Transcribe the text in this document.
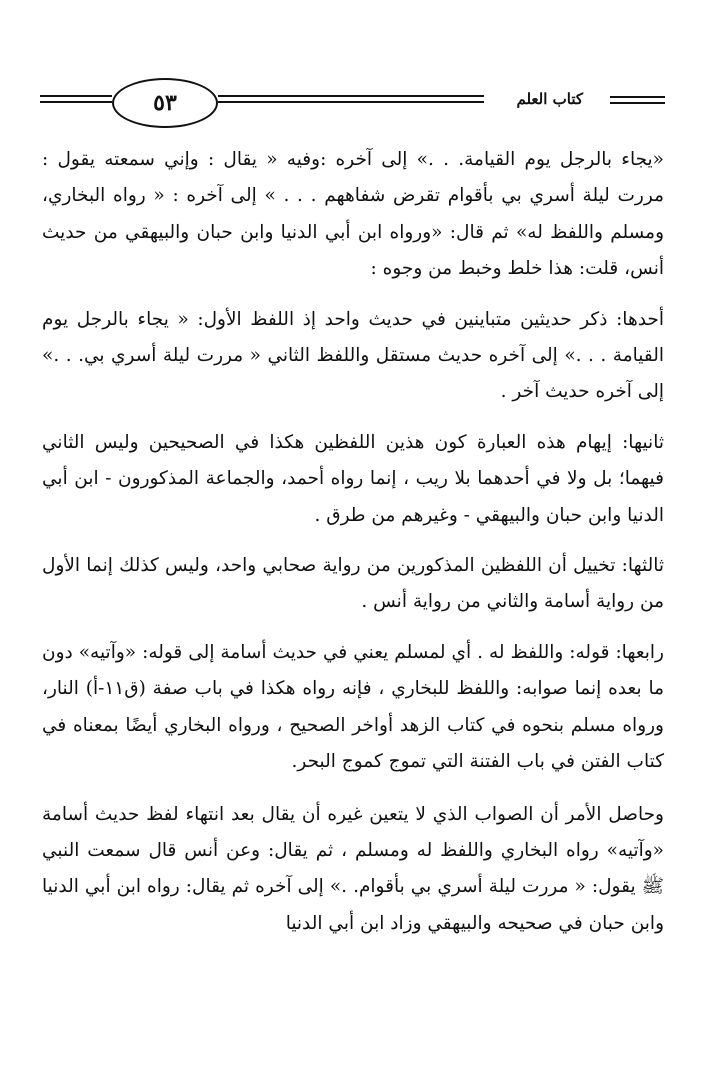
كتاب العلم
٥٣

«يجاء بالرجل يوم القيامة. . .» إلى آخره :وفيه « يقال : وإني سمعته يقول : مررت ليلة أسري بي بأقوام تقرض شفاههم . . . » إلى آخره : « رواه البخاري، ومسلم واللفظ له» ثم قال: «ورواه ابن أبي الدنيا وابن حبان والبيهقي من حديث أنس، قلت: هذا خلط وخبط من وجوه :

أحدها: ذكر حديثين متباينين في حديث واحد إذ اللفظ الأول: « يجاء بالرجل يوم القيامة . . .» إلى آخره حديث مستقل واللفظ الثاني « مررت ليلة أسري بي. . .» إلى آخره حديث آخر .

ثانيها: إيهام هذه العبارة كون هذين اللفظين هكذا في الصحيحين وليس الثاني فيهما؛ بل ولا في أحدهما بلا ريب ، إنما رواه أحمد، والجماعة المذكورون - ابن أبي الدنيا وابن حبان والبيهقي - وغيرهم من طرق .

ثالثها: تخييل أن اللفظين المذكورين من رواية صحابي واحد، وليس كذلك إنما الأول من رواية أسامة والثاني من رواية أنس .

رابعها: قوله: واللفظ له . أي لمسلم يعني في حديث أسامة إلى قوله: «وآتيه» دون ما بعده إنما صوابه: واللفظ للبخاري ، فإنه رواه هكذا في باب صفة (ق١١-أ) النار، ورواه مسلم بنحوه في كتاب الزهد أواخر الصحيح ، ورواه البخاري أيضًا بمعناه في كتاب الفتن في باب الفتنة التي تموج كموج البحر.

وحاصل الأمر أن الصواب الذي لا يتعين غيره أن يقال بعد انتهاء لفظ حديث أسامة «وآتيه» رواه البخاري واللفظ له ومسلم ، ثم يقال: وعن أنس قال سمعت النبي ﷺ يقول: « مررت ليلة أسري بي بأقوام. .» إلى آخره ثم يقال: رواه ابن أبي الدنيا وابن حبان في صحيحه والبيهقي وزاد ابن أبي الدنيا
